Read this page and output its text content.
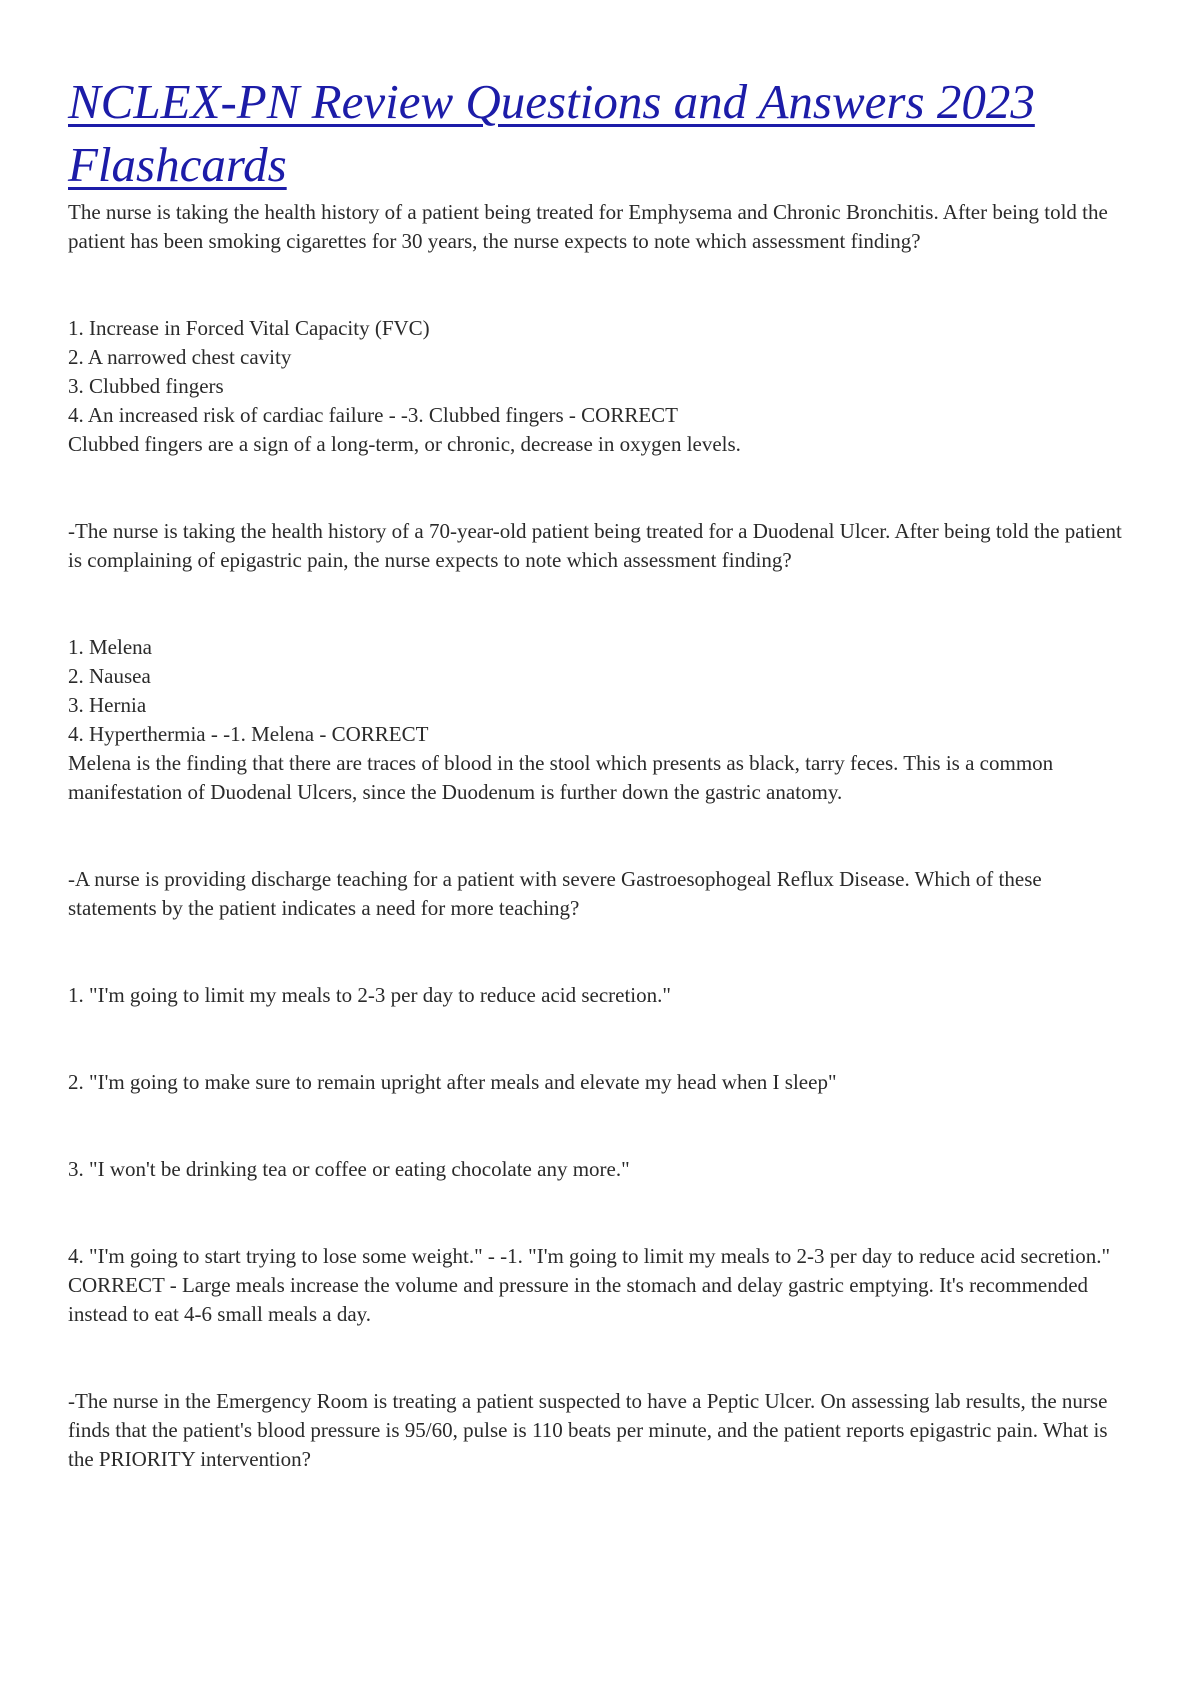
NCLEX-PN Review Questions and Answers 2023
Flashcards

The nurse is taking the health history of a patient being treated for Emphysema and Chronic Bronchitis. After being told the patient has been smoking cigarettes for 30 years, the nurse expects to note which assessment finding?

1. Increase in Forced Vital Capacity (FVC)

2. A narrowed chest cavity

3. Clubbed fingers

4. An increased risk of cardiac failure - -3. Clubbed fingers - CORRECT

Clubbed fingers are a sign of a long-term, or chronic, decrease in oxygen levels.

-The nurse is taking the health history of a 70-year-old patient being treated for a Duodenal Ulcer. After being told the patient is complaining of epigastric pain, the nurse expects to note which assessment finding?

1. Melena

2. Nausea

3. Hernia

4. Hyperthermia - -1. Melena - CORRECT

Melena is the finding that there are traces of blood in the stool which presents as black, tarry feces. This is a common manifestation of Duodenal Ulcers, since the Duodenum is further down the gastric anatomy.

-A nurse is providing discharge teaching for a patient with severe Gastroesophogeal Reflux Disease. Which of these statements by the patient indicates a need for more teaching?

1. "I'm going to limit my meals to 2-3 per day to reduce acid secretion."

2. "I'm going to make sure to remain upright after meals and elevate my head when I sleep"

3. "I won't be drinking tea or coffee or eating chocolate any more."

4. "I'm going to start trying to lose some weight." - -1. "I'm going to limit my meals to 2-3 per day to reduce acid secretion."

CORRECT - Large meals increase the volume and pressure in the stomach and delay gastric emptying. It's recommended instead to eat 4-6 small meals a day.

-The nurse in the Emergency Room is treating a patient suspected to have a Peptic Ulcer. On assessing lab results, the nurse finds that the patient's blood pressure is 95/60, pulse is 110 beats per minute, and the patient reports epigastric pain. What is the PRIORITY intervention?
